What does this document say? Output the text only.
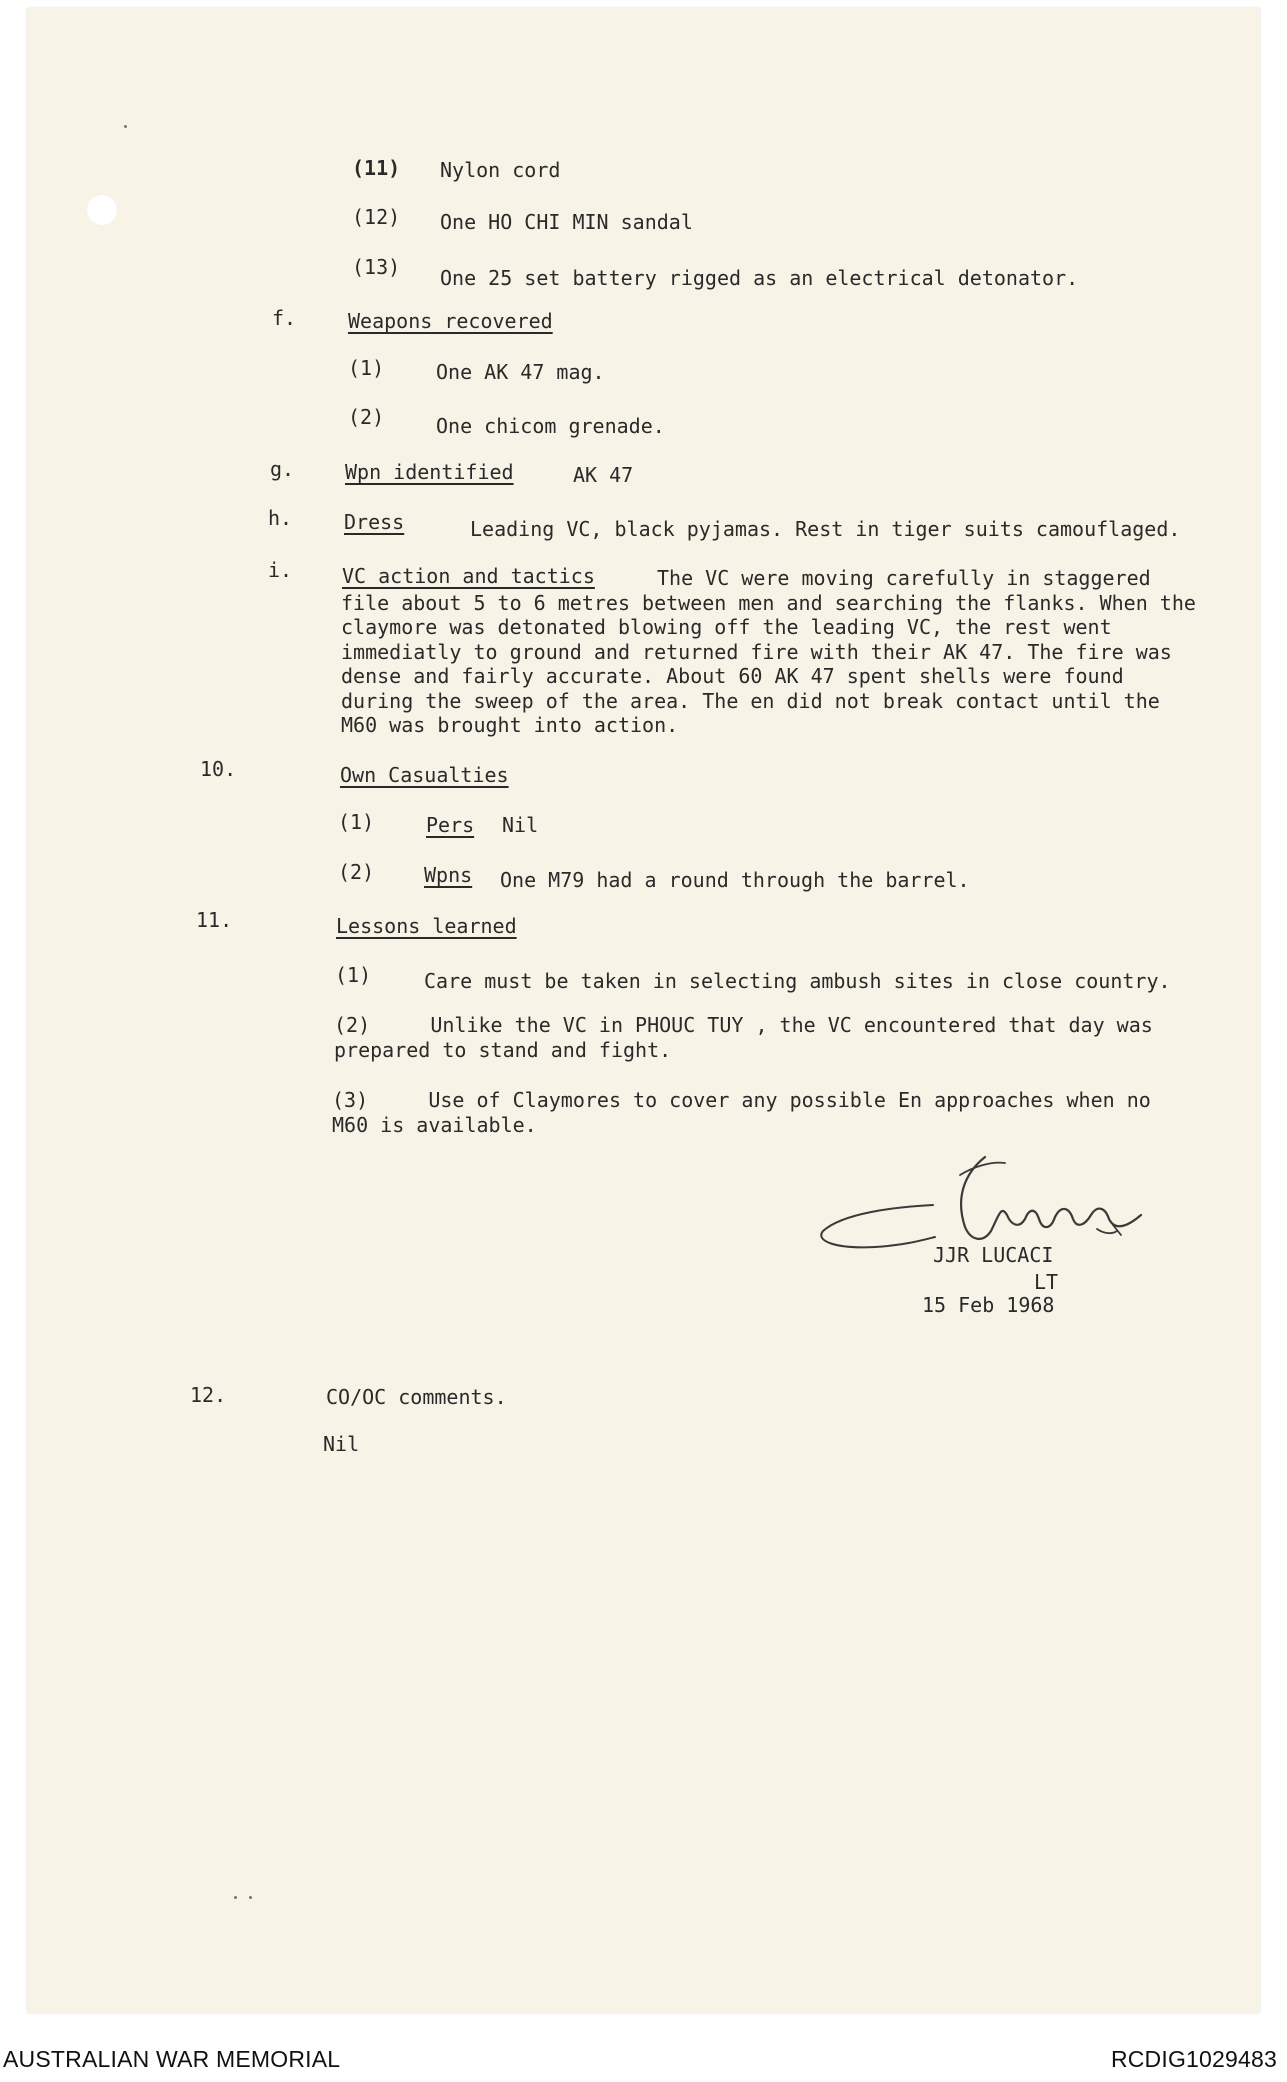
(11) Nylon cord
(12) One HO CHI MIN sandal
(13) One 25 set battery rigged as an electrical detonator.
f.	Weapons recovered
(1)	One AK 47 mag.
(2)	One chicom grenade.
g.	Wpn identified	AK 47
h.	Dress	Leading VC, black pyjamas. Rest in tiger suits camouflaged.
i. VC action and tactics	The VC were moving carefully in staggered file about 5 to 6 metres between men and searching the flanks. When the claymore was detonated blowing off the leading VC, the rest went immediatly to ground and returned fire with their AK 47. The fire was dense and fairly accurate. About 60 AK 47 spent shells were found during the sweep of the area. The en did not break contact until the M60 was brought into action.
10.	Own Casualties
(1)	Pers Nil
(2) Wpns One M79 had a round through the barrel.
11.	Lessons learned
(1)	Care must be taken in selecting ambush sites in close country.
(2)	Unlike the VC in PHOUC TUY , the VC encountered that day was prepared to stand and fight.
(3)	Use of Claymores to cover any possible En approaches when no M60 is available.
JJR LUCACI
LT
15 Feb 1968
12.	CO/OC comments.
Nil
AUSTRALIAN WAR MEMORIAL	RCDIG1029483
